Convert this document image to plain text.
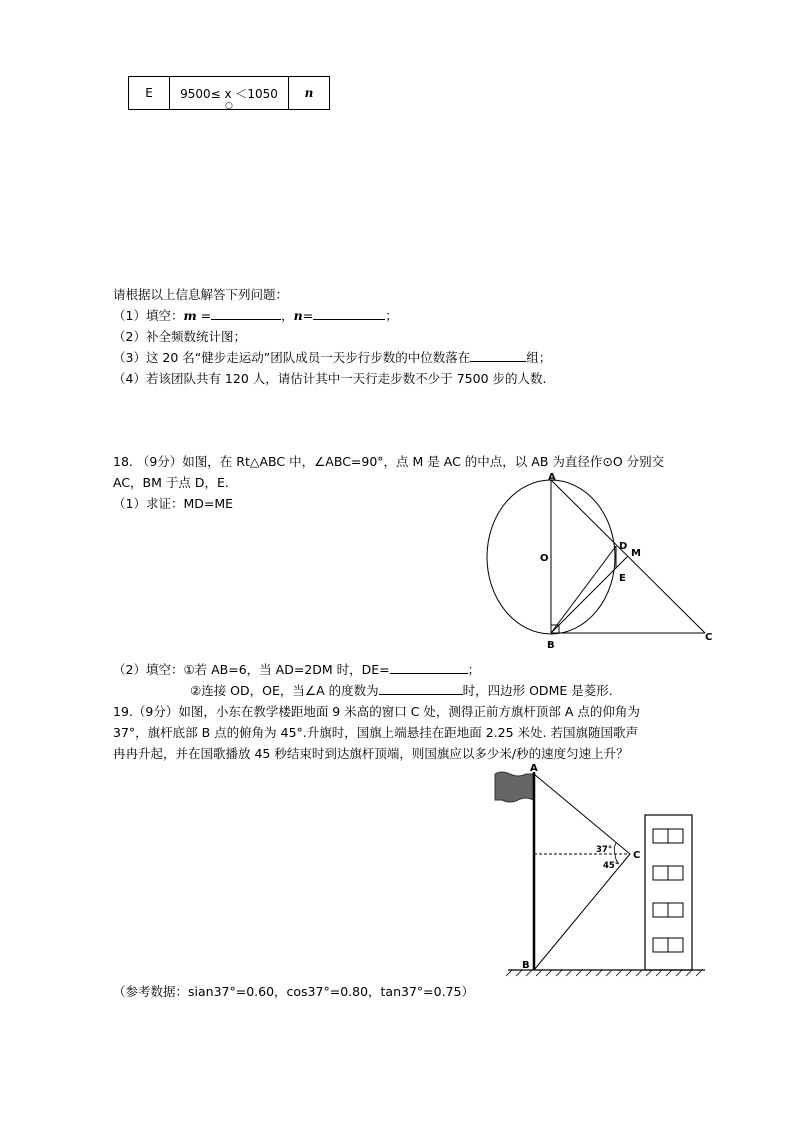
E	9500≤ x ＜1050	n
○
请根据以上信息解答下列问题：
（1）填空：m =	，n=	；
（2）补全频数统计图；
（3）这 20 名“健步走运动”团队成员一天步行步数的中位数落在	组；
（4）若该团队共有 120 人，请估计其中一天行走步数不少于 7500 步的人数.
18. （9分）如图，在 Rt△ABC 中，∠ABC=90°，点 M 是 AC 的中点，以 AB 为直径作⊙O 分别交
AC，BM 于点 D，E.
（1）求证：MD=ME
A
O
D
M
E
B
C
（2）填空：①若 AB=6，当 AD=2DM 时，DE=	；
②连接 OD，OE，当∠A 的度数为	时，四边形 ODME 是菱形.
19.（9分）如图，小东在教学楼距地面 9 米高的窗口 C 处，测得正前方旗杆顶部 A 点的仰角为
37°，旗杆底部 B 点的俯角为 45°.升旗时，国旗上端悬挂在距地面 2.25 米处. 若国旗随国歌声
冉冉升起，并在国歌播放 45 秒结束时到达旗杆顶端，则国旗应以多少米/秒的速度匀速上升？
A
B
C
37°
45°
（参考数据：sian37°=0.60，cos37°=0.80，tan37°=0.75）
